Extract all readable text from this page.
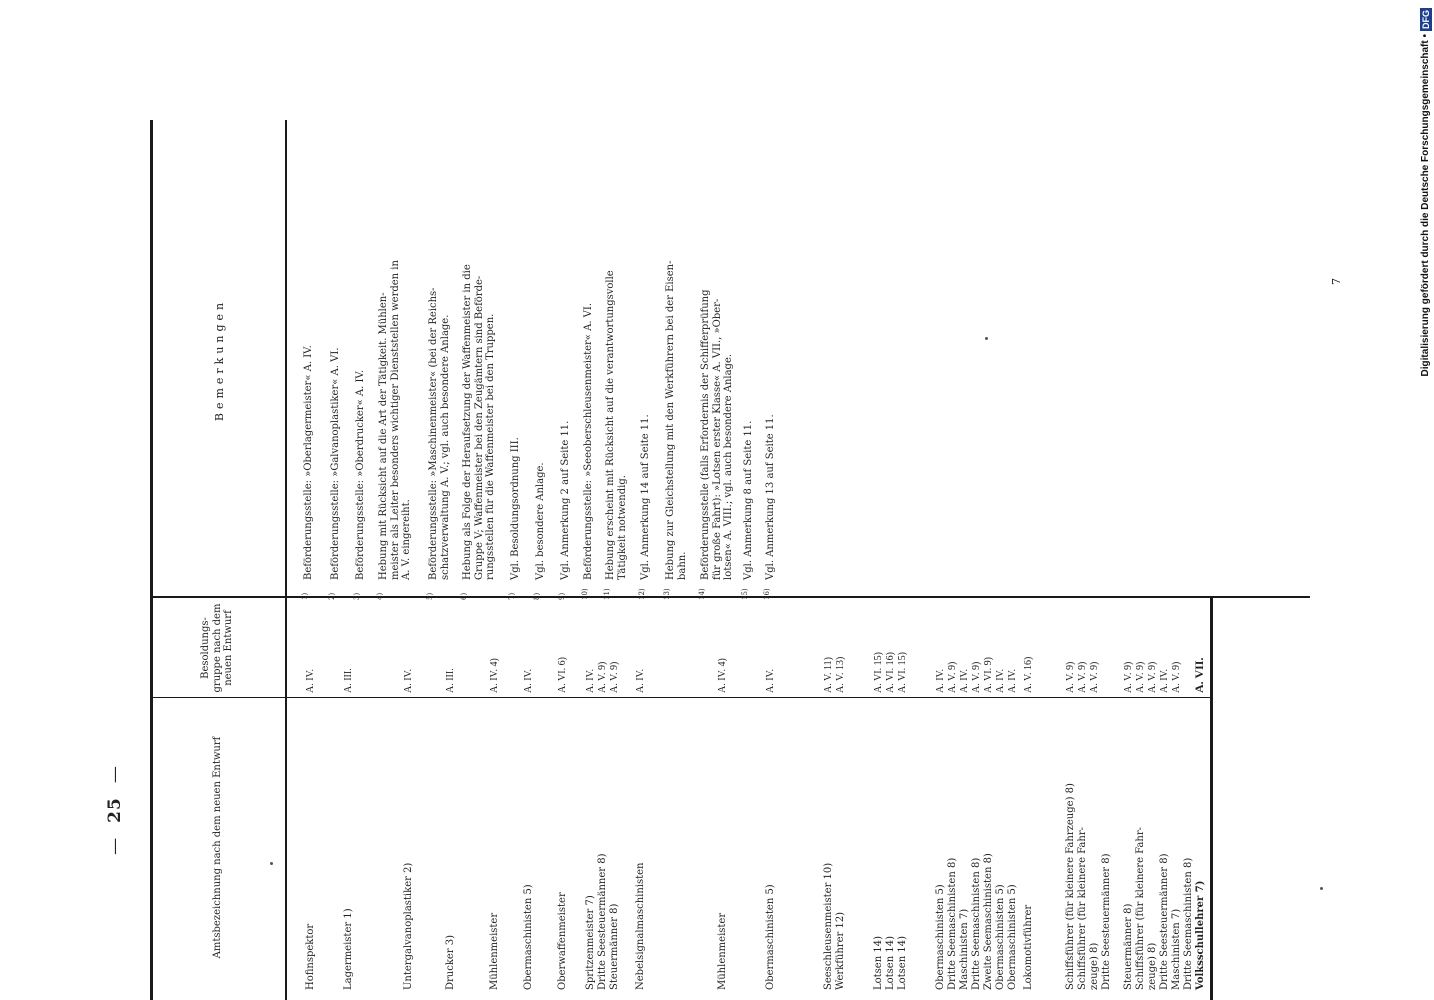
—25—	Amtsbezeichnung nach dem neuen Entwurf
Besoldungs-gruppe nach dem neuen Entwurf
Bemerkungen
Hofinspektor
A. IV.
Lagermeister 1)
A. III.
Untergalvanoplastiker 2)
A. IV.
Drucker 3)
A. III.
Mühlenmeister
A. IV. 4)
Obermaschinisten 5)
A. IV.
Oberwaffenmeister
A. VI. 6)
Spritzenmeister 7) Dritte Seesteuermänner 8) Steuermänner 8)
A. IV. A. V. 9) A. V. 9)
Nebelsignalmaschinisten
A. IV.
Mühlenmeister
A. IV. 4)
Obermaschinisten 5)
A. IV.
Seeschleusenmeister 10) Werkführer 12)
A. V. 11) A. V. 13)
Lotsen 14) Lotsen 14) Lotsen 14)
A. VI. 15) A. VI. 16) A. VI. 15)
Obermaschinisten 5) Dritte Seemaschinisten 8) Maschinisten 7) Dritte Seemaschinisten 8) Zweite Seemaschinisten 8) Obermaschinisten 5) Obermaschinisten 5)
A. IV. A. V. 9) A. IV. A. V. 9) A. VI. 9) A. IV. A. IV.
Lokomotivführer
A. V. 16)
Schiffsführer (für kleinere Fahrzeuge) 8) Schiffsführer (für kleinere Fahr- zeuge) 8) Dritte Seesteuermänner 8)
A. V. 9) A. V. 9) A. V. 9)
Steuermänner 8) Schiffsführer (für kleinere Fahr- zeuge) 8) Dritte Seesteuermänner 8) Maschinisten 7) Dritte Seemaschinisten 8)
A. V. 9) A. V. 9) A. V. 9) A. IV. A. V. 9)
Volksschullehrer 7)
A. VII.
1)
Beförderungsstelle: »Oberlagermeister« A. IV.
2)
Beförderungsstelle: »Galvanoplastiker« A. VI.
3)
Beförderungsstelle: »Oberdrucker« A. IV.
4)
Hebung mit Rücksicht auf die Art der Tätigkeit. Mühlen-
meister als Leiter besonders wichtiger Dienststellen werden in
A. V. eingereiht.
5)
Beförderungsstelle: »Maschinenmeister« (bei der Reichs-
schatzverwaltung A. V.; vgl. auch besondere Anlage.
6)
Hebung als Folge der Heraufsetzung der Waffenmeister in die
Gruppe V; Waffenmeister bei den Zeugämtern sind Beförde-
rungsstellen für die Waffenmeister bei den Truppen.
7)
Vgl. Besoldungsordnung III.
8)
Vgl. besondere Anlage.
9)
Vgl. Anmerkung 2 auf Seite 11.
10)
Beförderungsstelle: »Seeoberschleusenmeister« A. VI.
11)
Hebung erscheint mit Rücksicht auf die verantwortungsvolle
Tätigkeit notwendig.
12)
Vgl. Anmerkung 14 auf Seite 11.
13)
Hebung zur Gleichstellung mit den Werkführern bei der Eisen-
bahn.
14)
Beförderungsstelle (falls Erfordernis der Schifferprüfung
für große Fahrt): »Lotsen erster Klasse« A. VII., »Ober-
lotsen« A. VIII.; vgl. auch besondere Anlage.
15)
Vgl. Anmerkung 8 auf Seite 11.
16)
Vgl. Anmerkung 13 auf Seite 11.
7	Digitalisierung gefördert durch die Deutsche Forschungsgemeinschaft •
DFG
